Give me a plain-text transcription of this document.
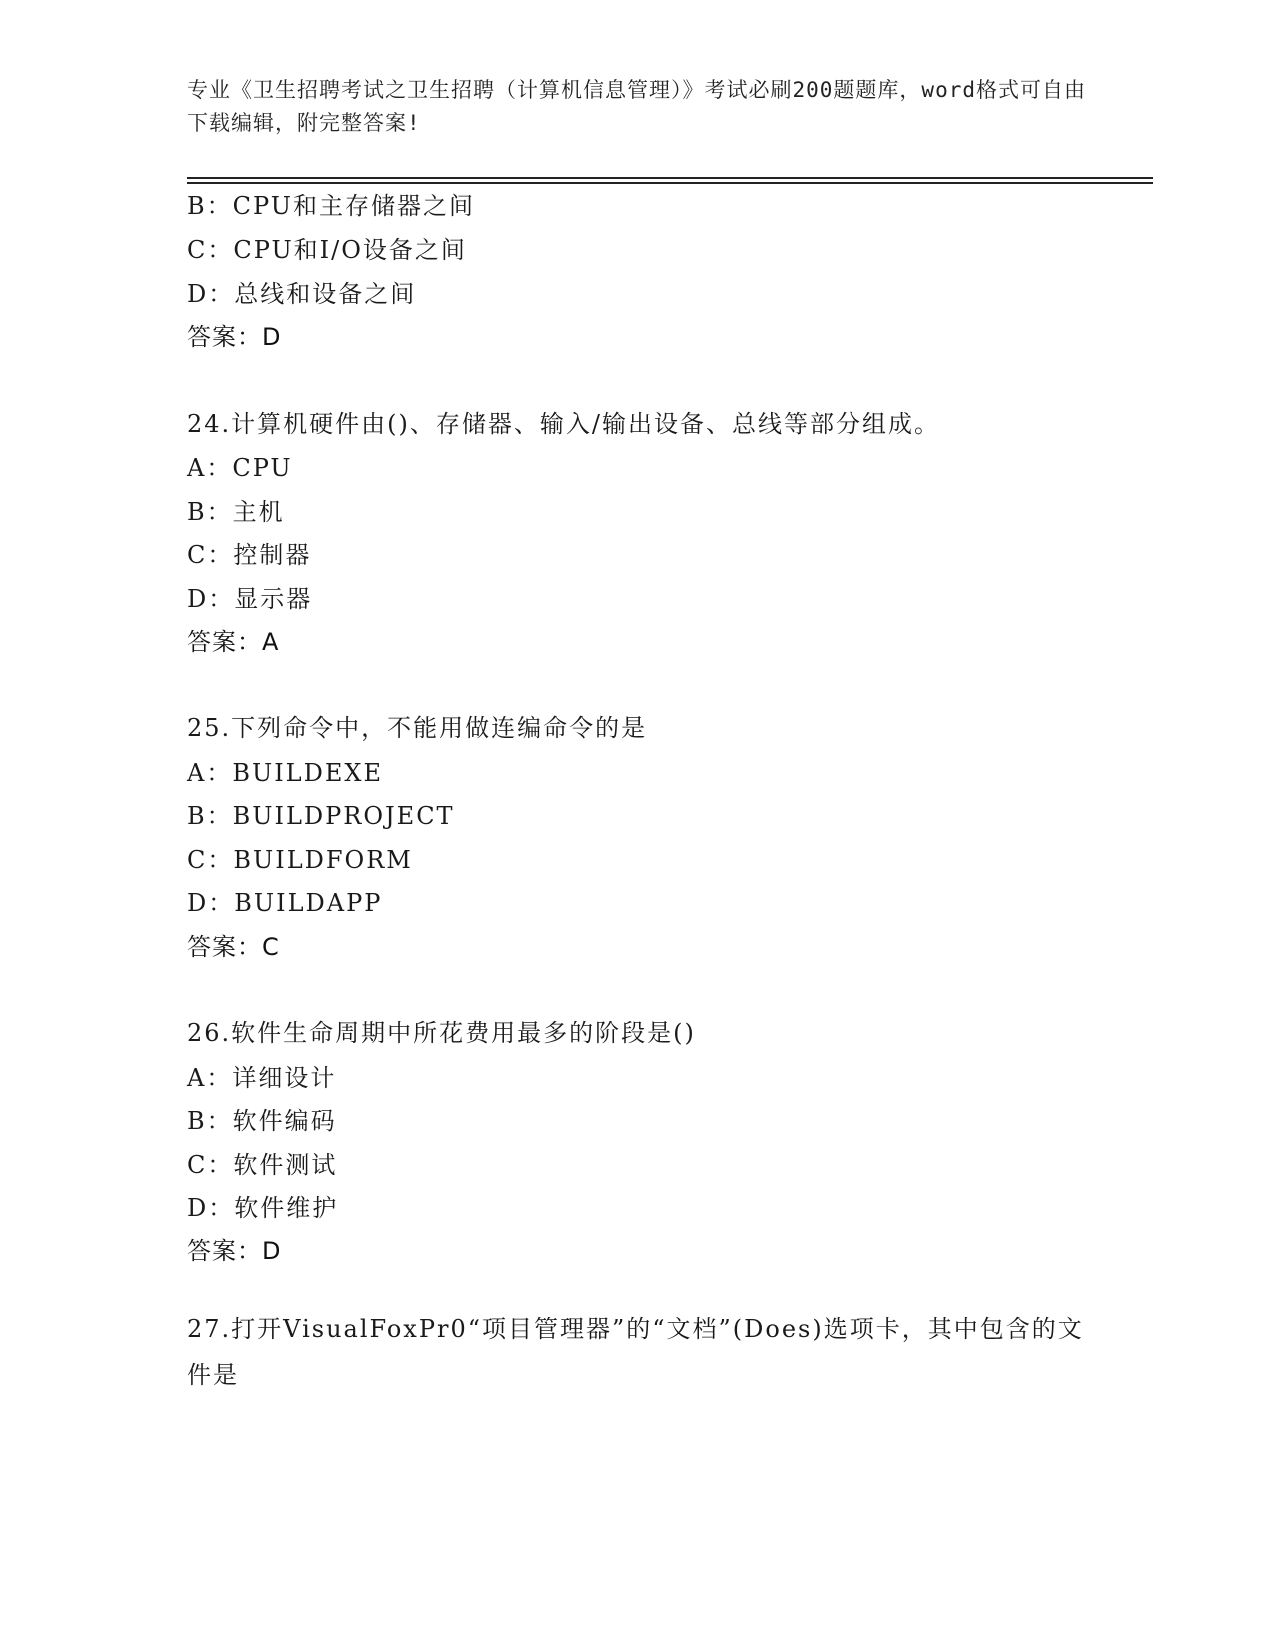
专业《卫生招聘考试之卫生招聘（计算机信息管理）》考试必刷200题题库，word格式可自由下载编辑，附完整答案!
B：CPU和主存储器之间
C：CPU和I/O设备之间
D：总线和设备之间
答案：D
24.计算机硬件由()、存储器、输入/输出设备、总线等部分组成。
A：CPU
B：主机
C：控制器
D：显示器
答案：A
25.下列命令中，不能用做连编命令的是
A：BUILDEXE
B：BUILDPROJECT
C：BUILDFORM
D：BUILDAPP
答案：C
26.软件生命周期中所花费用最多的阶段是()
A：详细设计
B：软件编码
C：软件测试
D：软件维护
答案：D
27.打开VisualFoxPr0“项目管理器”的“文档”(Does)选项卡，其中包含的文件是
